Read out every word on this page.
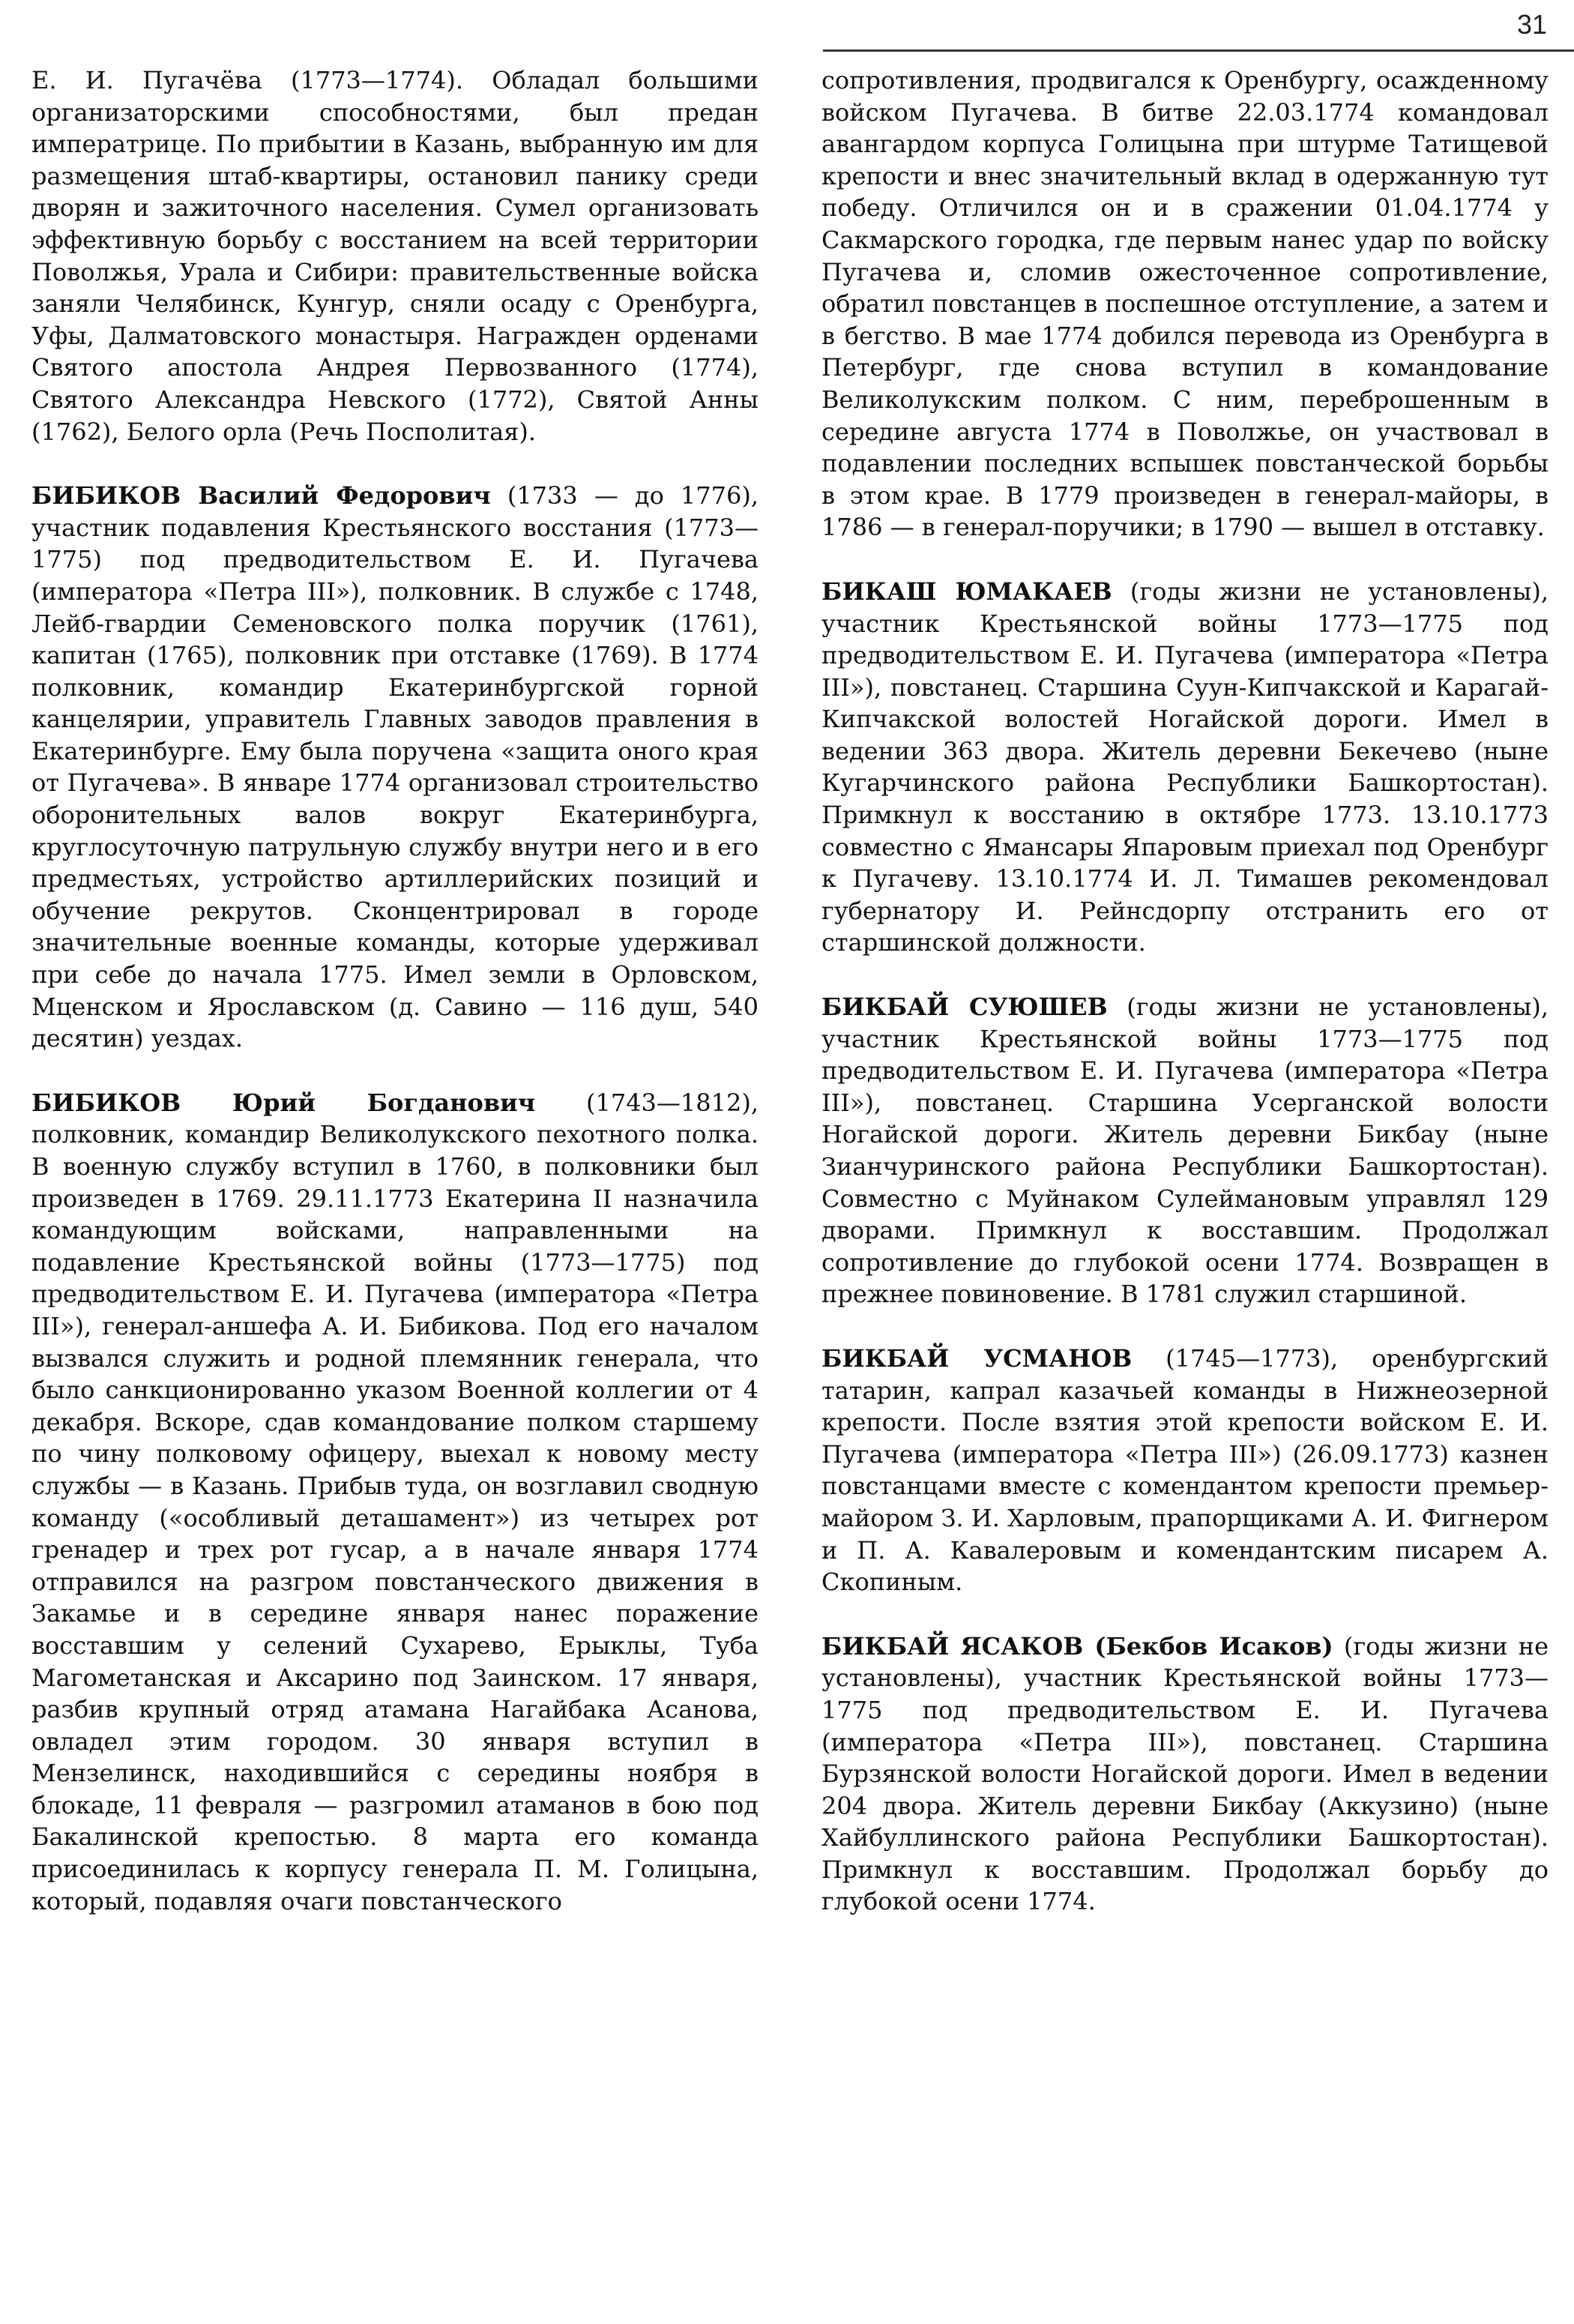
31

Е. И. Пугачёва (1773—1774). Обладал большими организаторскими способностями, был предан императрице. По прибытии в Казань, выбранную им для размещения штаб-квартиры, остановил панику среди дворян и зажиточного населения. Сумел организовать эффективную борьбу с восстанием на всей территории Поволжья, Урала и Сибири: правительственные войска заняли Челябинск, Кунгур, сняли осаду с Оренбурга, Уфы, Далматовского монастыря. Награжден орденами Святого апостола Андрея Первозванного (1774), Святого Александра Невского (1772), Святой Анны (1762), Белого орла (Речь Посполитая).

БИБИКОВ Василий Федорович (1733 — до 1776), участник подавления Крестьянского восстания (1773—1775) под предводительством Е. И. Пугачева (императора «Петра III»), полковник. В службе с 1748, Лейб-гвардии Семеновского полка поручик (1761), капитан (1765), полковник при отставке (1769). В 1774 полковник, командир Екатеринбургской горной канцелярии, управитель Главных заводов правления в Екатеринбурге. Ему была поручена «защита оного края от Пугачева». В январе 1774 организовал строительство оборонительных валов вокруг Екатеринбурга, круглосуточную патрульную службу внутри него и в его предместьях, устройство артиллерийских позиций и обучение рекрутов. Сконцентрировал в городе значительные военные команды, которые удерживал при себе до начала 1775. Имел земли в Орловском, Мценском и Ярославском (д. Савино — 116 душ, 540 десятин) уездах.

БИБИКОВ Юрий Богданович (1743—1812), полковник, командир Великолукского пехотного полка. В военную службу вступил в 1760, в полковники был произведен в 1769. 29.11.1773 Екатерина II назначила командующим войсками, направленными на подавление Крестьянской войны (1773—1775) под предводительством Е. И. Пугачева (императора «Петра III»), генерал-аншефа А. И. Бибикова. Под его началом вызвался служить и родной племянник генерала, что было санкционированно указом Военной коллегии от 4 декабря. Вскоре, сдав командование полком старшему по чину полковому офицеру, выехал к новому месту службы — в Казань. Прибыв туда, он возглавил сводную команду («особливый деташамент») из четырех рот гренадер и трех рот гусар, а в начале января 1774 отправился на разгром повстанческого движения в Закамье и в середине января нанес поражение восставшим у селений Сухарево, Ерыклы, Туба Магометанская и Аксарино под Заинском. 17 января, разбив крупный отряд атамана Нагайбака Асанова, овладел этим городом. 30 января вступил в Мензелинск, находившийся с середины ноября в блокаде, 11 февраля — разгромил атаманов в бою под Бакалинской крепостью. 8 марта его команда присоединилась к корпусу генерала П. М. Голицына, который, подавляя очаги повстанческого

сопротивления, продвигался к Оренбургу, осажденному войском Пугачева. В битве 22.03.1774 командовал авангардом корпуса Голицына при штурме Татищевой крепости и внес значительный вклад в одержанную тут победу. Отличился он и в сражении 01.04.1774 у Сакмарского городка, где первым нанес удар по войску Пугачева и, сломив ожесточенное сопротивление, обратил повстанцев в поспешное отступление, а затем и в бегство. В мае 1774 добился перевода из Оренбурга в Петербург, где снова вступил в командование Великолукским полком. С ним, переброшенным в середине августа 1774 в Поволжье, он участвовал в подавлении последних вспышек повстанческой борьбы в этом крае. В 1779 произведен в генерал-майоры, в 1786 — в генерал-поручики; в 1790 — вышел в отставку.

БИКАШ ЮМАКАЕВ (годы жизни не установлены), участник Крестьянской войны 1773—1775 под предводительством Е. И. Пугачева (императора «Петра III»), повстанец. Старшина Суун-Кипчакской и Карагай-Кипчакской волостей Ногайской дороги. Имел в ведении 363 двора. Житель деревни Бекечево (ныне Кугарчинского района Республики Башкортостан). Примкнул к восстанию в октябре 1773. 13.10.1773 совместно с Ямансары Япаровым приехал под Оренбург к Пугачеву. 13.10.1774 И. Л. Тимашев рекомендовал губернатору И. Рейнсдорпу отстранить его от старшинской должности.

БИКБАЙ СУЮШЕВ (годы жизни не установлены), участник Крестьянской войны 1773—1775 под предводительством Е. И. Пугачева (императора «Петра III»), повстанец. Старшина Усерганской волости Ногайской дороги. Житель деревни Бикбау (ныне Зианчуринского района Республики Башкортостан). Совместно с Муйнаком Сулеймановым управлял 129 дворами. Примкнул к восставшим. Продолжал сопротивление до глубокой осени 1774. Возвращен в прежнее повиновение. В 1781 служил старшиной.

БИКБАЙ УСМАНОВ (1745—1773), оренбургский татарин, капрал казачьей команды в Нижнеозерной крепости. После взятия этой крепости войском Е. И. Пугачева (императора «Петра III») (26.09.1773) казнен повстанцами вместе с комендантом крепости премьер-майором З. И. Харловым, прапорщиками А. И. Фигнером и П. А. Кавалеровым и комендантским писарем А. Скопиным.

БИКБАЙ ЯСАКОВ (Бекбов Исаков) (годы жизни не установлены), участник Крестьянской войны 1773—1775 под предводительством Е. И. Пугачева (императора «Петра III»), повстанец. Старшина Бурзянской волости Ногайской дороги. Имел в ведении 204 двора. Житель деревни Бикбау (Аккузино) (ныне Хайбуллинского района Республики Башкортостан). Примкнул к восставшим. Продолжал борьбу до глубокой осени 1774.
